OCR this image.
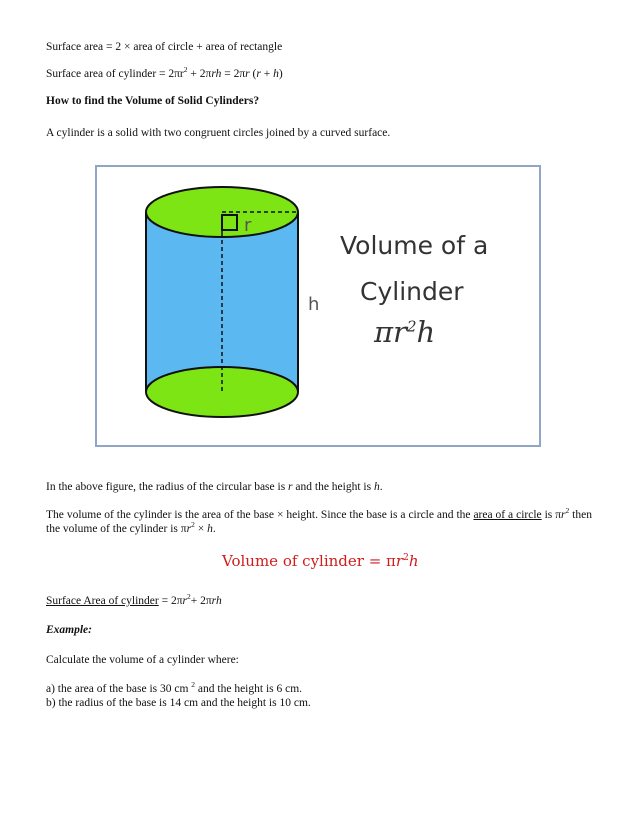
Surface area = 2 × area of circle + area of rectangle
Surface area of cylinder = $2\pi r^2 + 2\pi rh = 2\pi r$ (r + h)
How to find the Volume of Solid Cylinders?
A cylinder is a solid with two congruent circles joined by a curved surface.
r
h
Volume of a
Cylinder
$\pi r^2h$
In the above figure, the radius of the circular base is r and the height is h.
The volume of the cylinder is the area of the base × height. Since the base is a circle and the area of a circle is $\pi r^2$ then the volume of the cylinder is $\pi r^2 \times h$.
Volume of cylinder = $\pi r^2h$
Surface Area of cylinder = $2\pi r^2+ 2\pi rh$
Example:
Calculate the volume of a cylinder where:
a) the area of the base is 30 cm $^2$ and the height is 6 cm.
b) the radius of the base is 14 cm and the height is 10 cm.
